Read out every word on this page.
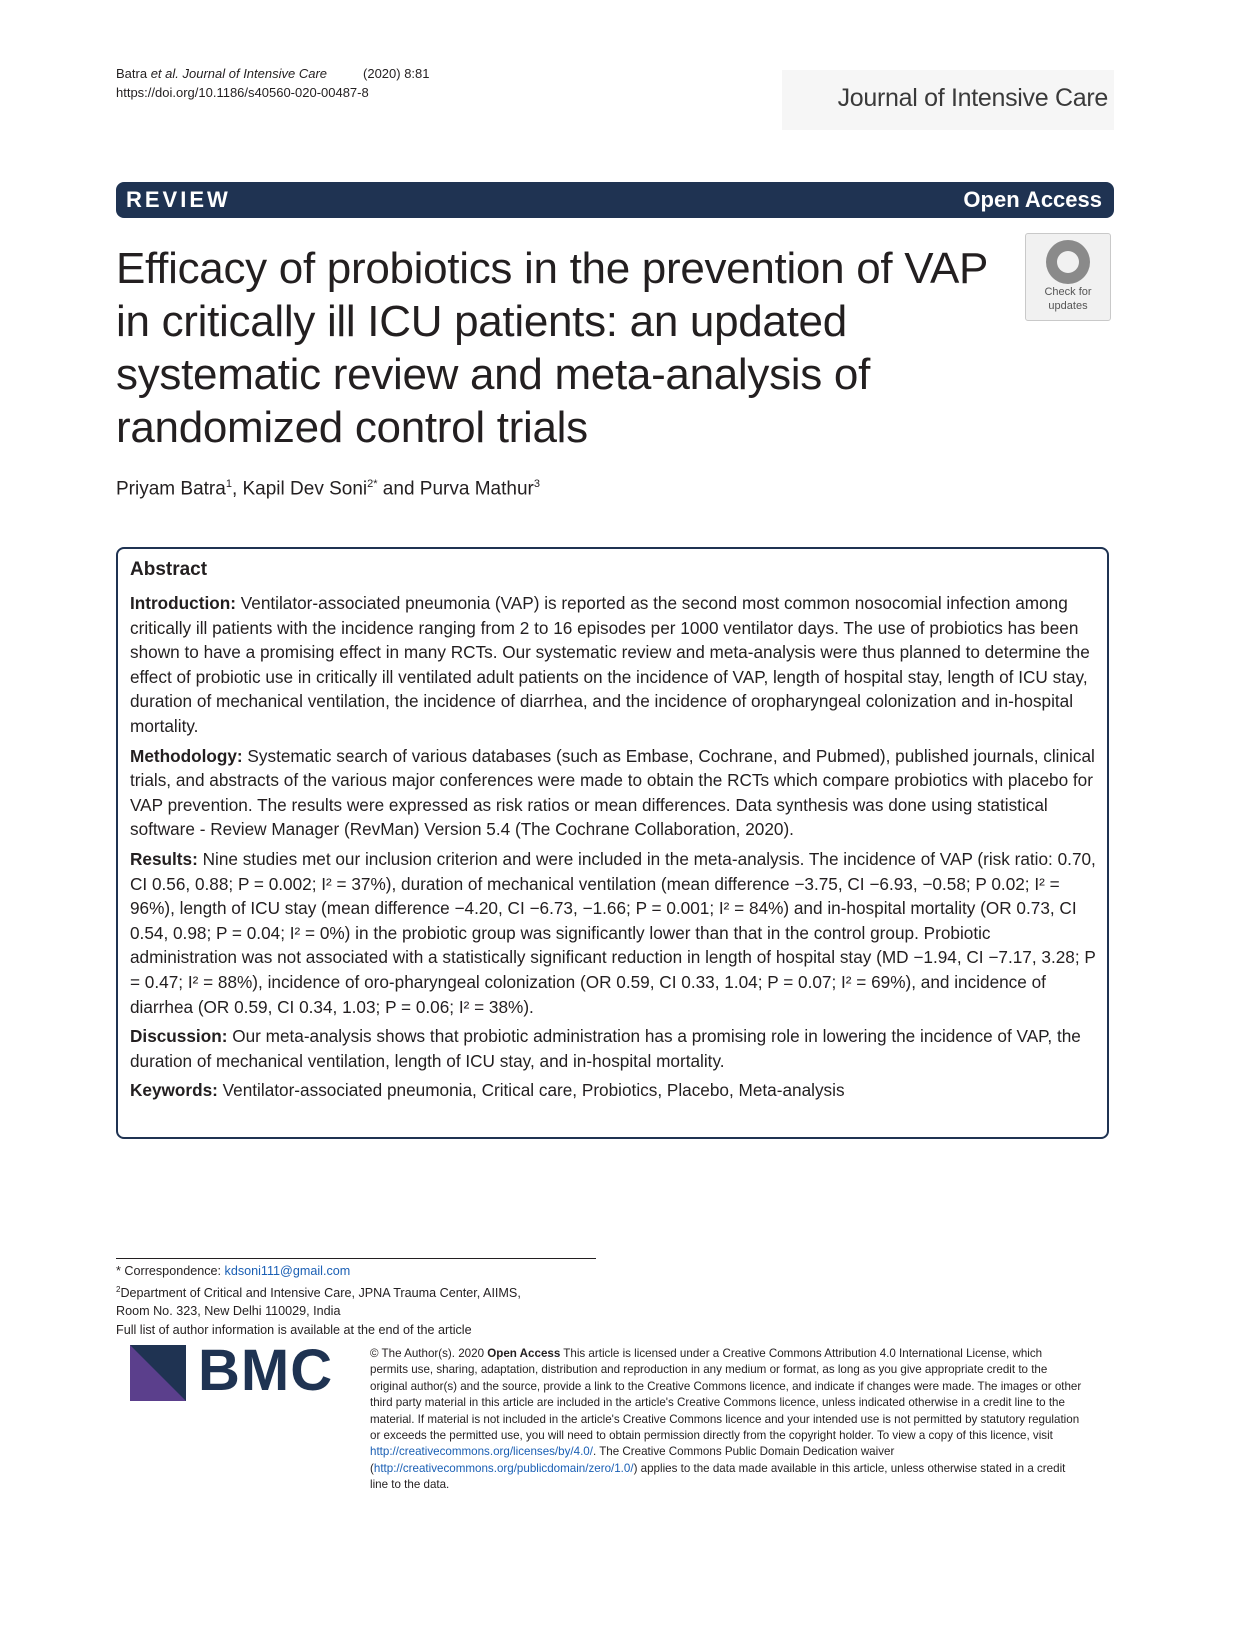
Batra et al. Journal of Intensive Care	(2020) 8:81
https://doi.org/10.1186/s40560-020-00487-8	Journal of Intensive Care
REVIEW	Open Access
Efficacy of probiotics in the prevention of VAP in critically ill ICU patients: an updated systematic review and meta-analysis of randomized control trials
Check for
updates
Priyam Batra$^1$, Kapil Dev Soni$^{2*}$ and Purva Mathur$^3$
Abstract

Introduction: Ventilator-associated pneumonia (VAP) is reported as the second most common nosocomial infection among critically ill patients with the incidence ranging from 2 to 16 episodes per 1000 ventilator days. The use of probiotics has been shown to have a promising effect in many RCTs. Our systematic review and meta-analysis were thus planned to determine the effect of probiotic use in critically ill ventilated adult patients on the incidence of VAP, length of hospital stay, length of ICU stay, duration of mechanical ventilation, the incidence of diarrhea, and the incidence of oropharyngeal colonization and in-hospital mortality.

Methodology: Systematic search of various databases (such as Embase, Cochrane, and Pubmed), published journals, clinical trials, and abstracts of the various major conferences were made to obtain the RCTs which compare probiotics with placebo for VAP prevention. The results were expressed as risk ratios or mean differences. Data synthesis was done using statistical software - Review Manager (RevMan) Version 5.4 (The Cochrane Collaboration, 2020).

Results: Nine studies met our inclusion criterion and were included in the meta-analysis. The incidence of VAP (risk ratio: 0.70, CI 0.56, 0.88; P = 0.002; I² = 37%), duration of mechanical ventilation (mean difference −3.75, CI −6.93, −0.58; P 0.02; I² = 96%), length of ICU stay (mean difference −4.20, CI −6.73, −1.66; P = 0.001; I² = 84%) and in-hospital mortality (OR 0.73, CI 0.54, 0.98; P = 0.04; I² = 0%) in the probiotic group was significantly lower than that in the control group. Probiotic administration was not associated with a statistically significant reduction in length of hospital stay (MD −1.94, CI −7.17, 3.28; P = 0.47; I² = 88%), incidence of oro-pharyngeal colonization (OR 0.59, CI 0.33, 1.04; P = 0.07; I² = 69%), and incidence of diarrhea (OR 0.59, CI 0.34, 1.03; P = 0.06; I² = 38%).

Discussion: Our meta-analysis shows that probiotic administration has a promising role in lowering the incidence of VAP, the duration of mechanical ventilation, length of ICU stay, and in-hospital mortality.

Keywords: Ventilator-associated pneumonia, Critical care, Probiotics, Placebo, Meta-analysis

* Correspondence: kdsoni111@gmail.com
$^2$Department of Critical and Intensive Care, JPNA Trauma Center, AIIMS,
Room No. 323, New Delhi 110029, India
Full list of author information is available at the end of the article
BMC	© The Author(s). 2020 Open Access This article is licensed under a Creative Commons Attribution 4.0 International License, which permits use, sharing, adaptation, distribution and reproduction in any medium or format, as long as you give appropriate credit to the original author(s) and the source, provide a link to the Creative Commons licence, and indicate if changes were made. The images or other third party material in this article are included in the article's Creative Commons licence, unless indicated otherwise in a credit line to the material. If material is not included in the article's Creative Commons licence and your intended use is not permitted by statutory regulation or exceeds the permitted use, you will need to obtain permission directly from the copyright holder. To view a copy of this licence, visit http://creativecommons.org/licenses/by/4.0/. The Creative Commons Public Domain Dedication waiver (http://creativecommons.org/publicdomain/zero/1.0/) applies to the data made available in this article, unless otherwise stated in a credit line to the data.
